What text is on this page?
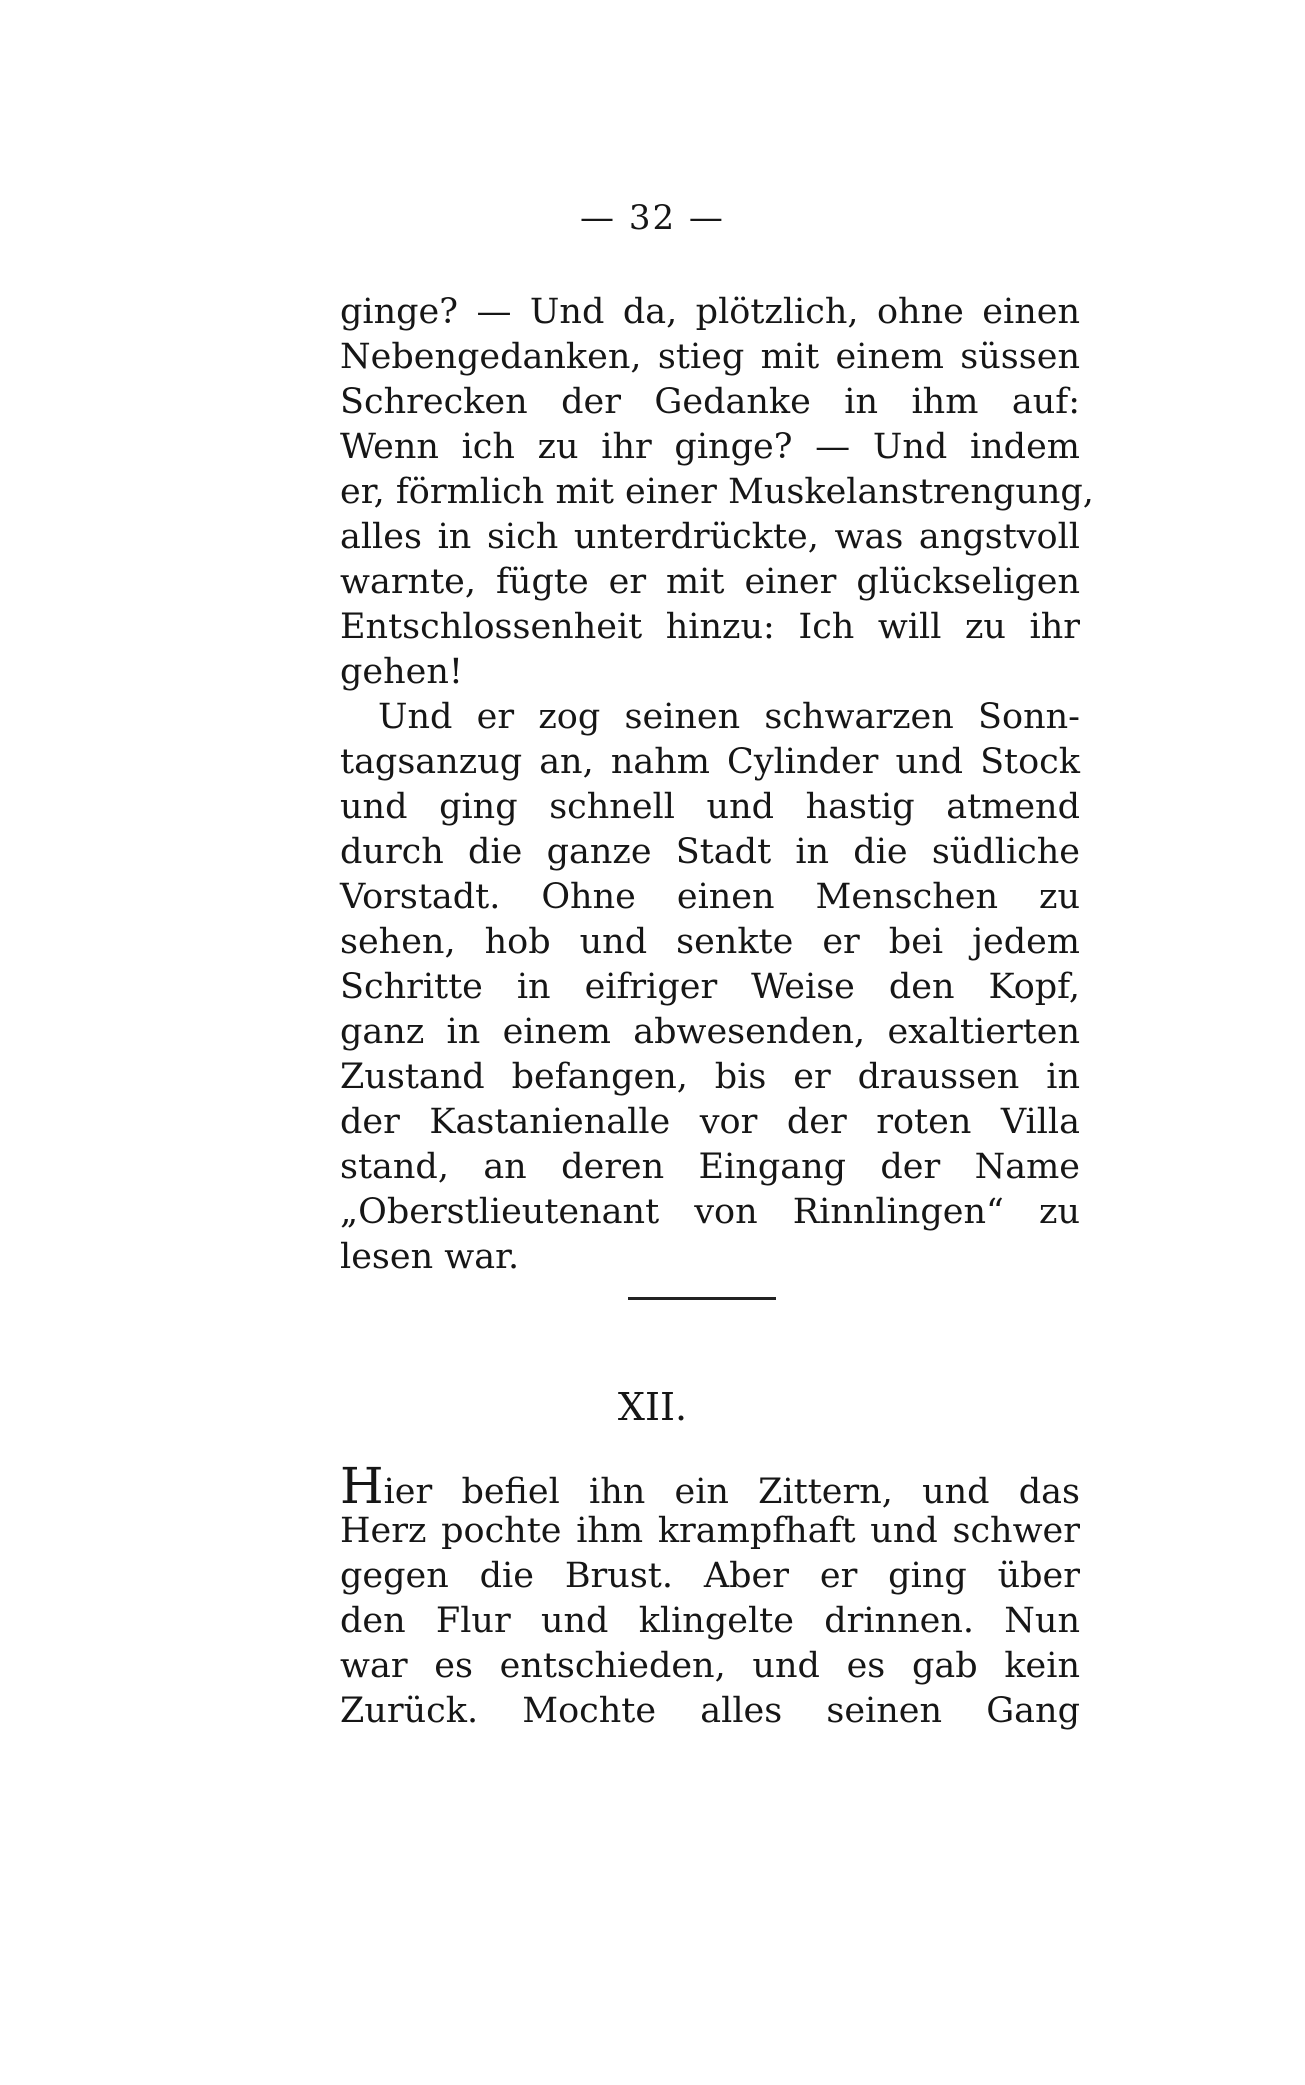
— 32 —
ginge? — Und da, plötzlich, ohne einen
Nebengedanken, stieg mit einem süssen
Schrecken der Gedanke in ihm auf:
Wenn ich zu ihr ginge? — Und indem
er, förmlich mit einer Muskelanstrengung,
alles in sich unterdrückte, was angstvoll
warnte, fügte er mit einer glückseligen
Entschlossenheit hinzu: Ich will zu ihr
gehen!
Und er zog seinen schwarzen Sonn-
tagsanzug an, nahm Cylinder und Stock
und ging schnell und hastig atmend
durch die ganze Stadt in die südliche
Vorstadt. Ohne einen Menschen zu
sehen, hob und senkte er bei jedem
Schritte in eifriger Weise den Kopf,
ganz in einem abwesenden, exaltierten
Zustand befangen, bis er draussen in
der Kastanienalle vor der roten Villa
stand, an deren Eingang der Name
„Oberstlieutenant von Rinnlingen“ zu
lesen war.
XII.
Hier befiel ihn ein Zittern, und das
Herz pochte ihm krampfhaft und schwer
gegen die Brust. Aber er ging über
den Flur und klingelte drinnen. Nun
war es entschieden, und es gab kein
Zurück. Mochte alles seinen Gang
